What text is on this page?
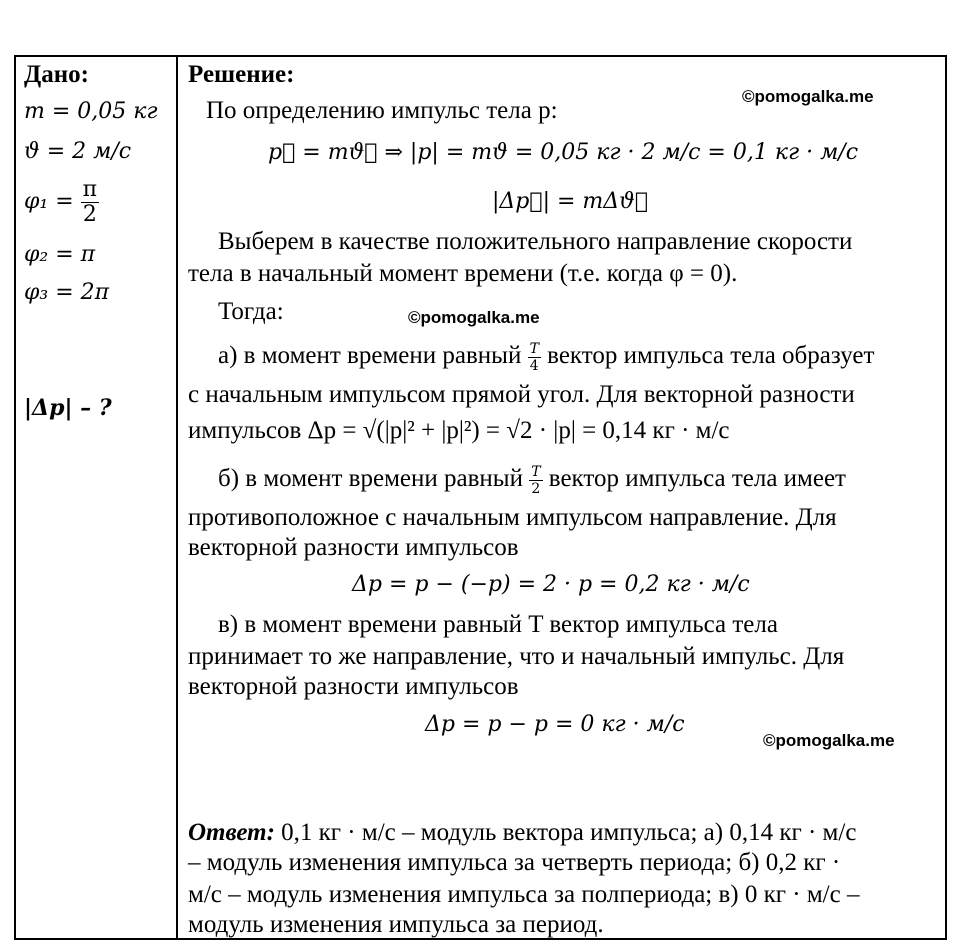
Дано:
m = 0,05 кг
ϑ = 2 м/с
$\varphi_1 = \frac{\pi}{2}$
φ₂ = π
φ₃ = 2π
|Δp| – ?
Решение:
По определению импульс тела p:
p⃗ = mϑ⃗ ⇒ |p| = mϑ = 0,05 кг · 2 м/с = 0,1 кг · м/с
|Δp⃗| = mΔϑ⃗
Выберем в качестве положительного направление скорости
тела в начальный момент времени (т.е. когда φ = 0).
Тогда:
а) в момент времени равный $\frac{T}{4}$ вектор импульса тела образует
с начальным импульсом прямой угол. Для векторной разности
импульсов Δp = √(|p|² + |p|²) = √2 · |p| = 0,14 кг · м/с
б) в момент времени равный $\frac{T}{2}$ вектор импульса тела имеет
противоположное с начальным импульсом направление. Для
векторной разности импульсов
Δp = p − (−p) = 2 · p = 0,2 кг · м/с
в) в момент времени равный T вектор импульса тела
принимает то же направление, что и начальный импульс. Для
векторной разности импульсов
Δp = p − p = 0 кг · м/с
Ответ: 0,1 кг · м/с – модуль вектора импульса; а) 0,14 кг · м/с
– модуль изменения импульса за четверть периода; б) 0,2 кг ·
м/с – модуль изменения импульса за полпериода; в) 0 кг · м/с –
модуль изменения импульса за период.
©pomogalka.me
©pomogalka.me
©pomogalka.me
